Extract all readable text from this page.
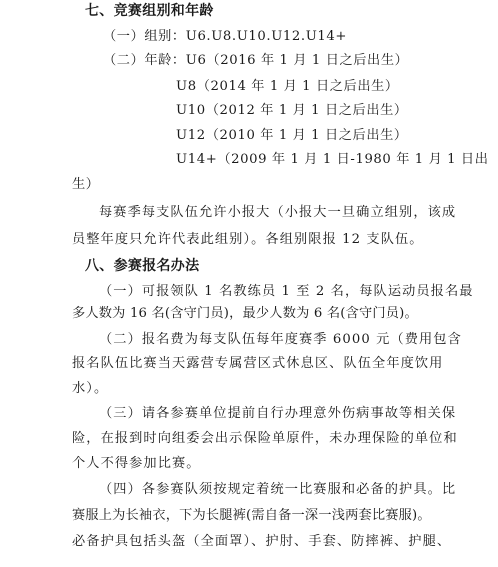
七、竞赛组别和年龄
（一）组别：U6.U8.U10.U12.U14+
（二）年龄：U6（2016 年 1 月 1 日之后出生）
U8（2014 年 1 月 1 日之后出生）
U10（2012 年 1 月 1 日之后出生）
U12（2010 年 1 月 1 日之后出生）
U14+（2009 年 1 月 1 日-1980 年 1 月 1 日出
生）
每赛季每支队伍允许小报大（小报大一旦确立组别，该成
员整年度只允许代表此组别）。各组别限报 12 支队伍。
八、参赛报名办法
（一）可报领队 1 名教练员 1 至 2 名，每队运动员报名最
多人数为 16 名(含守门员)，最少人数为 6 名(含守门员)。
（二）报名费为每支队伍每年度赛季 6000 元（费用包含
报名队伍比赛当天露营专属营区式休息区、队伍全年度饮用
水）。
（三）请各参赛单位提前自行办理意外伤病事故等相关保
险，在报到时向组委会出示保险单原件，未办理保险的单位和
个人不得参加比赛。
（四）各参赛队须按规定着统一比赛服和必备的护具。比
赛服上为长袖衣，下为长腿裤(需自备一深一浅两套比赛服)。
必备护具包括头盔（全面罩）、护肘、手套、防摔裤、护腿、
